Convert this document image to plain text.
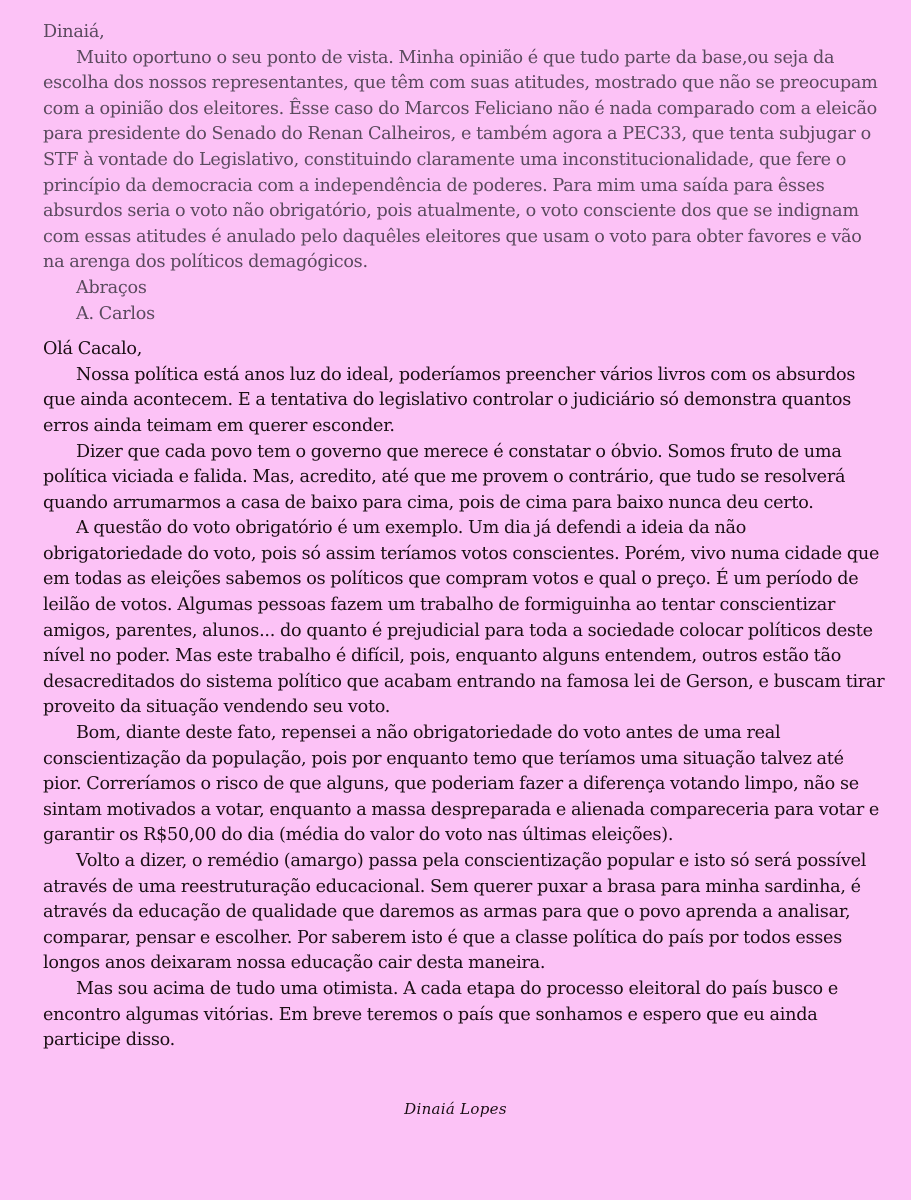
Dinaiá,

Muito oportuno o seu ponto de vista. Minha opinião é que tudo parte da base,ou seja da escolha dos nossos representantes, que têm com suas atitudes, mostrado que não se preocupam com a opinião dos eleitores. Êsse caso do Marcos Feliciano não é nada comparado com a eleicão para presidente do Senado do Renan Calheiros, e também agora a PEC33, que tenta subjugar o STF à vontade do Legislativo, constituindo claramente uma inconstitucionalidade, que fere o princípio da democracia com a independência de poderes. Para mim uma saída para êsses absurdos seria o voto não obrigatório, pois atualmente, o voto consciente dos que se indignam com essas atitudes é anulado pelo daquêles eleitores que usam o voto para obter favores e vão na arenga dos políticos demagógicos.

Abraços

A. Carlos

Olá Cacalo,

Nossa política está anos luz do ideal, poderíamos preencher vários livros com os absurdos que ainda acontecem. E a tentativa do legislativo controlar o judiciário só demonstra quantos erros ainda teimam em querer esconder.

Dizer que cada povo tem o governo que merece é constatar o óbvio. Somos fruto de uma política viciada e falida. Mas, acredito, até que me provem o contrário, que tudo se resolverá quando arrumarmos a casa de baixo para cima, pois de cima para baixo nunca deu certo.

A questão do voto obrigatório é um exemplo. Um dia já defendi a ideia da não obrigatoriedade do voto, pois só assim teríamos votos conscientes. Porém, vivo numa cidade que em todas as eleições sabemos os políticos que compram votos e qual o preço. É um período de leilão de votos. Algumas pessoas fazem um trabalho de formiguinha ao tentar conscientizar amigos, parentes, alunos... do quanto é prejudicial para toda a sociedade colocar políticos deste nível no poder. Mas este trabalho é difícil, pois, enquanto alguns entendem, outros estão tão desacreditados do sistema político que acabam entrando na famosa lei de Gerson, e buscam tirar proveito da situação vendendo seu voto.

Bom, diante deste fato, repensei a não obrigatoriedade do voto antes de uma real conscientização da população, pois por enquanto temo que teríamos uma situação talvez até pior. Correríamos o risco de que alguns, que poderiam fazer a diferença votando limpo, não se sintam motivados a votar, enquanto a massa despreparada e alienada compareceria para votar e garantir os R$50,00 do dia (média do valor do voto nas últimas eleições).

Volto a dizer, o remédio (amargo) passa pela conscientização popular e isto só será possível através de uma reestruturação educacional. Sem querer puxar a brasa para minha sardinha, é através da educação de qualidade que daremos as armas para que o povo aprenda a analisar, comparar, pensar e escolher. Por saberem isto é que a classe política do país por todos esses longos anos deixaram nossa educação cair desta maneira.

Mas sou acima de tudo uma otimista. A cada etapa do processo eleitoral do país busco e encontro algumas vitórias. Em breve teremos o país que sonhamos e espero que eu ainda participe disso.

Dinaiá Lopes
